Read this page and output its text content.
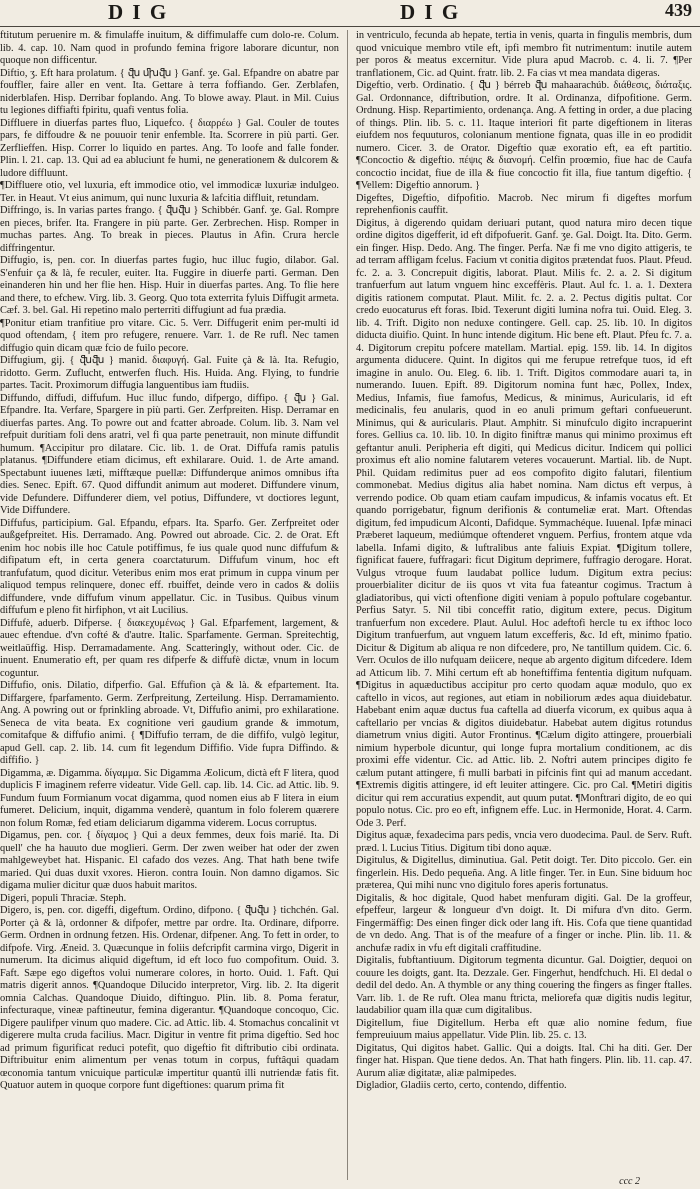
D I G	D I G	439

ftitutum peruenire m. & fimulaffe inuitum, & diffimulaffe cum dolo-re. Colum. lib. 4. cap. 10. Nam quod in profundo femina frigore laborare dicuntur, non quoque non difficentur.

Diftio, ʒ. Eft hara prolatum. { ﬖ ﬗﬖ } Ganf. ʒe. Gal. Efpandre on abatre par fouffler, faire aller en vent. Ita. Gettare à terra foffiando. Ger. Zerblafen, niderblafen. Hisp. Derribar foplando. Ang. To blowe away. Plaut. in Mil. Cuius tu legiones diffiafti fpiritu, quafi ventus folia.

Diffluere in diuerfas partes fluo, Liquefco. { διαρρέω } Gal. Couler de toutes pars, fe diffoudre & ne pouuoir tenir enfemble. Ita. Scorrere in più parti. Ger. Zerflieffen. Hisp. Correr lo liquido en partes. Ang. To loofe and falle fonder. Plin. l. 21. cap. 13. Qui ad ea abluciunt fe humi, ne generationem & dulcorem & ludore diffluunt.

¶Diffluere otio, vel luxuria, eft immodice otio, vel immodicæ luxuriæ indulgeo. Ter. in Heaut. Vt eius animum, qui nunc luxuria & lafcitia diffluit, retundam.

Diffringo, is. In varias partes frango. { ﬖﬖ } Schibbér. Ganf. ʒe. Gal. Rompre en pieces, brifer. Ita. Frangere in più parte. Ger. Zerbrechen. Hisp. Romper in muchas partes. Ang. To break in pieces. Plautus in Afin. Crura hercle diffringentur.

Diffugio, is, pen. cor. In diuerfas partes fugio, huc illuc fugio, dilabor. Gal. S'enfuir ça & là, fe reculer, euiter. Ita. Fuggire in diuerfe parti. German. Den einanderen hin und her flie hen. Hisp. Huir in diuerfas partes. Ang. To flie here and there, to efchew. Virg. lib. 3. Georg. Quo tota exterrita fyluis Diffugit armeta. Cæf. 3. bel. Gal. Hi repetino malo perterriti diffugiunt ad fua prædia.

¶Ponitur etiam tranfitiue pro vitare. Cic. 5. Verr. Diffugerit enim per-multi id quod oftendam, { item pro refugere, renuere. Varr. 1. de Re rufl. Nec tamen diffugio quin dicam quæ fcio de fuilo pecore.

Diffugium, gij. { ﬖﬖ } manid. διαφυγή. Gal. Fuite çà & là. Ita. Refugio, ridotto. Germ. Zuflucht, entwerfen fluch. His. Huida. Ang. Flying, to fundrie partes. Tacit. Proximorum diffugia languentibus iam ftudiis.

Diffundo, diffudi, diffufum. Huc illuc fundo, difpergo, diffipo. { ﬖ } Gal. Efpandre. Ita. Verfare, Spargere in più parti. Ger. Zerfpreiten. Hisp. Derramar en diuerfas partes. Ang. To powre out and fcatter abroade. Colum. lib. 3. Nam vel refpuit durítiam foli dens aratri, vel fi qua parte penetrauit, non minute diffundit humum. ¶Accipitur pro dilatare. Cic. lib. 1. de Orat. Diffufa ramis patulis platanus. ¶Diffundere etiam dicimus, eft exhilarare. Ouid. 1. de Arte amand. Spectabunt iuuenes læti, mifftæque puellæ: Diffunderque animos omnibus ifta dies. Senec. Epift. 67. Quod diffundit animum aut moderet. Diffundere vinum, vide Defundere. Diffunderer diem, vel potius, Diffundere, vt doctiores legunt, Vide Diffundere.

Diffufus, participium. Gal. Efpandu, efpars. Ita. Sparfo. Ger. Zerfpreitet oder außgefpreitet. His. Derramado. Ang. Powred out abroade. Cic. 2. de Orat. Eft enim hoc nobis ille hoc Catule potiffimus, fe ius quale quod nunc diffufum & difipatum eft, in certa genera coarctaturum. Diffufum vinum, hoc eft tranfufatum, quod dicitur. Veteribus enim mos erat primum in cuppa vinum per aliquod tempus relinquere, donec eff. rbuiffet, deinde vero in cados & doliis diffundere, vnde diffufum vinum appellatur. Cic. in Tusibus. Quibus vinum diffufum e pleno fit hirfiphon, vt ait Lucilius.

Diffufè, aduerb. Difperse. { διακεχυμένως } Gal. Efparfement, largement, & auec eftendue. d'vn cofté & d'autre. Italic. Sparfamente. German. Spreitechtig, weitlaüffig. Hisp. Derramadamente. Ang. Scatteringly, without oder. Cic. de inuent. Enumeratio eft, per quam res difperfe & diffufè dictæ, vnum in locum coguntur.

Diffufio, onis. Dilatio, difperfio. Gal. Effufion çà & là. & efpartement. Ita. Diffargere, fparfamento. Germ. Zerfpreitung, Zerteilung. Hisp. Derramamiento. Ang. A powring out or fprinkling abroade. Vt, Diffufio animi, pro exhilaratione. Seneca de vita beata. Ex cognitione veri gaudium grande & immotum, comitafque & diffufio animi. { ¶Diffufio terram, de die diffifo, vulgò legitur, apud Gell. cap. 2. lib. 14. cum fit legendum Diffifio. Vide fupra Diffindo. & diffifio. }

Digamma, æ. Digamma. δίγαμμα. Sic Digamma Æolicum, dictà eft F litera, quod duplicis F imaginem referre videatur. Vide Gell. cap. lib. 14. Cic. ad Attic. lib. 9. Fundum fuum Formianum vocat digamma, quod nomen eius ab F litera in eium fumeret. Delicium, inquit, digamma venderè, quantum in folo folerem quærere non folum Romæ, fed etiam deliciarum digamma viderem. Locus corruptus.

Digamus, pen. cor. { δίγαμος } Qui a deux femmes, deux fois marié. Ita. Di quell' che ha hauuto due moglieri. Germ. Der zwen weiber hat oder der zwen mahlgeweybet hat. Hispanic. El cafado dos vezes. Ang. That hath bene twife maried. Qui duas duxit vxores. Hieron. contra Iouin. Non damno digamos. Sic digama mulier dicitur quæ duos habuit maritos.

Digeri, populi Thraciæ. Steph.

Digero, is, pen. cor. digeffi, digeftum. Ordino, difpono. { ﬖﬖ } tichchén. Gal. Porter çà & là, ordonner & difpofer, mettre par ordre. Ita. Ordinare, difporre. Germ. Ordnen in ordnung fetzen. His. Ordenar, difpener. Ang. To fett in order, to difpofe. Virg. Æneid. 3. Quæcunque in foliis defcripfit carmina virgo, Digerit in numerum. Ita dicimus aliquid digeftum, id eft loco fuo compofitum. Ouid. 3. Faft. Sæpe ego digeftos volui numerare colores, in horto. Ouid. 1. Faft. Qui matris digerit annos. ¶Quandoque Dilucido interpretor, Virg. lib. 2. Ita digerit omnia Calchas. Quandoque Diuido, diftinguo. Plin. lib. 8. Poma feratur, infecturaque, vineæ paftineutur, femina digerantur. ¶Quandoque concoquo, Cic. Digere paulifper vinum quo madere. Cic. ad Attic. lib. 4. Stomachus concalinit vt digerere multa cruda facilius. Macr. Digitur in ventre fit prima digeftio. Sed hoc ad primum figurificat reduci potefit, quo digeftio fit diftributio cibi ordinata. Diftribuitur enim alimentum per venas totum in corpus, fuftâqui quadam œconomia tantum vnicuique particulæ impertitur quantû illi nutriendæ fatis fit. Quatuor autem in quoque corpore funt digeftiones: quarum prima fit

in ventriculo, fecunda ab hepate, tertia in venis, quarta in fingulis membris, dum quod vnicuique membro vtile eft, ipfi membro fit nutrimentum: inutile autem per poros & meatus excernitur. Vide plura apud Macrob. c. 4. li. 7. ¶Per tranflationem, Cic. ad Quint. fratr. lib. 2. Fa cias vt mea mandata digeras.

Digeftio, verb. Ordinatio. { ﬖ } bérreb ﬖ mahaarachúb. διάθεσις, διάταξις. Gal. Ordonnance, diftribution, ordre. It al. Ordinanza, difpofitione. Germ. Ordnung. Hisp. Repartimiento, ordenança. Ang. A fetting in order, a due placing of things. Plin. lib. 5. c. 11. Itaque interiori fit parte digeftionem in literas eiufdem nos fequuturos, colonianum mentione fignata, quas ille in eo prodidit numero. Cicer. 3. de Orator. Digeftio quæ exoratio eft, ea eft partitio. ¶Concoctio & digeftio. πέψις & διανομή. Celfin proœmio, fiue hac de Caufa concoctio incidat, fiue de illa & fiue concoctio fit illa, fiue tantum digeftio. { ¶Vellem: Digeftio annorum. }

Digeftes, Digeftio, difpofitio. Macrob. Nec mirum fi digeftes morfum reprehenfionis cauffit.

Digitus, à digerendo quidam deriuari putant, quod natura miro decen tique ordine digitos digefferit, id eft difpofuerit. Ganf. ʒe. Gal. Doigt. Ita. Dito. Germ. ein finger. Hisp. Dedo. Ang. The finger. Perfa. Næ fi me vno digito attigeris, te ad terram affligam fcelus. Facium vt conitia digitos prætendat fuos. Plaut. Pfeud. fc. 2. a. 3. Concrepuit digitis, laborat. Plaut. Milis fc. 2. a. 2. Si digitum tranfuerfum aut latum vnguem hinc exceffèris. Plaut. Aul fc. 1. a. 1. Dextera digitis rationem computat. Plaut. Milit. fc. 2. a. 2. Pectus digitis pultat. Cor credo euocaturus eft foras. Ibid. Texerunt digiti lumina nofra tui. Ouid. Eleg. 3. lib. 4. Trift. Digito non neduxe contingere. Gell. cap. 25. lib. 10. In digitos diducta diuifio. Quint. In hunc intende digitum. Hic bene eft. Plaut. Pfeu fc. 7. a. 4. Digitorum crepitu pofcere matellam. Martial. epig. 159. lib. 14. In digitos argumenta diducere. Quint. In digitos qui me ferupue retrefque tuos, id eft imagine in anulo. Ou. Eleg. 6. lib. 1. Trift. Digitos commodare auari ta, in numerando. Iuuen. Epift. 89. Digitorum nomina funt hæc, Pollex, Index, Medius, Infamis, fiue famofus, Medicus, & minimus, Auricularis, id eft medicinalis, feu anularis, quod in eo anuli primum geftari confueuerunt. Minimus, qui & auricularis. Plaut. Amphitr. Si minufculo digito incrapuerint fores. Gellius ca. 10. lib. 10. In digito finiftræ manus qui minimo proximus eft geftantur anuli. Peripheria eft digiti, qui Medicus dicitur. Indicem qui pollici proximus eft alio nomine falutarem veteres vocauerunt. Martial. lib. de Nupt. Phil. Quidam redimitus puer ad eos compofito digito falutari, filentium commonebat. Medius digitus alia habet nomina. Nam dictus eft verpus, à verrendo podice. Ob quam etiam caufam impudicus, & infamis vocatus eft. Et quando porrigebatur, fignum derifionis & contumeliæ erat. Mart. Oftendas digitum, fed impudicum Alconti, Dafidque. Symmachéque. Iuuenal. Ipfæ minaci Præberet laqueum, mediúmque oftenderet vnguem. Perfius, frontem atque vda labella. Infami digito, & luftralibus ante faliuis Expiat. ¶Digitum tollere, fignificat fauere, fuffragari: ficut Digitum deprimere, fuffragio derogare. Horat. Vulgus vtroque fuum laudabat pollice ludum. Digitum extra pecius: prouerbialiter dicitur de iis quos vt vita fua fateantur cogimus. Tractum à gladiatoribus, qui victi oftenfione digiti veniam à populo poftulare cogebantur. Perfius Satyr. 5. Nil tibi conceffit ratio, digitum extere, pecus. Digitum tranfuerfum non excedere. Plaut. Aulul. Hoc adeftofi hercle tu ex ifthoc loco Digitum tranfuerfum, aut vnguem latum excefferis, &c. Id eft, minimo fpatio. Dicitur & Digitum ab aliqua re non difcedere, pro, Ne tantillum quidem. Cic. 6. Verr. Oculos de illo nufquam deiicere, neque ab argento digitum difcedere. Idem ad Atticum lib. 7. Mihi certum eft ab honeftiffima fententia digitum nufquam. ¶Digitus in aquæductibus accipitur pro certo quodam aquæ modulo, quo ex caftello in vicos, aut regiones, aut etiam in nobiliorum ædes aqua diuidebatur. Habebant enim aquæ ductus fua caftella ad diuerfa vicorum, ex quibus aqua à caftellario per vncias & digitos diuidebatur. Habebat autem digitus rotundus diametrum vnius digiti. Autor Frontinus. ¶Cælum digito attingere, prouerbiali nimium hyperbole dicuntur, qui longe fupra mortalium conditionem, ac dis proximi effe videntur. Cic. ad Attic. lib. 2. Noftri autem principes digito fe cælum putant attingere, fi mulli barbati in pifcinis fint qui ad manum accedant. ¶Extremis digitis attingere, id eft leuiter attingere. Cic. pro Cal. ¶Metiri digitis dicitur qui rem accuratius expendit, aut quum putat. ¶Monftrari digito, de eo qui populo notus. Cic. pro eo eft, infignem effe. Luc. in Hermonide, Horat. 4. Carm. Ode 3. Perf.

Digitus aquæ, fexadecima pars pedis, vncia vero duodecima. Paul. de Serv. Ruft. præd. l. Lucius Titius. Digitum tibi dono aquæ.

Digitulus, & Digitellus, diminutiua. Gal. Petit doigt. Ter. Dito piccolo. Ger. ein fingerlein. His. Dedo pequeña. Ang. A litle finger. Ter. in Eun. Sine biduum hoc præterea, Qui mihi nunc vno digitulo fores aperis fortunatus.

Digitalis, & hoc digitale, Quod habet menfuram digiti. Gal. De la groffeur, efpeffeur, largeur & longueur d'vn doigt. It. Di mifura d'vn dito. Germ. Fingermäffig: Des einen finger dick oder lang ift. His. Cofa que tiene quantidad de vn dedo. Ang. That is of the meafure of a finger or inche. Plin. lib. 11. & anchufæ radix in vfu eft digitali craffitudine.

Digitalis, fubftantiuum. Digitorum tegmenta dicuntur. Gal. Doigtier, dequoi on couure les doigts, gant. Ita. Dezzale. Ger. Fingerhut, hendfchuch. Hi. El dedal o dedil del dedo. An. A thymble or any thing couering the fingers as finger ftalles. Varr. lib. 1. de Re ruft. Olea manu ftricta, meliorefa quæ digitis nudis legitur, laudabilior quam illa quæ cum digitalibus.

Digitellum, fiue Digitellum. Herba eft quæ alio nomine fedum, fiue fempreuiuum maius appellatur. Vide Plin. lib. 25. c. 13.

Digitatus, Qui digitos habet. Gallic. Qui a doigts. Ital. Chi ha diti. Ger. Der finger hat. Hispan. Que tiene dedos. An. That hath fingers. Plin. lib. 11. cap. 47. Aurum aliæ digitatæ, aliæ palmipedes.

Digladior, Gladiis certo, certo, contendo, diffentio.

ccc 2
